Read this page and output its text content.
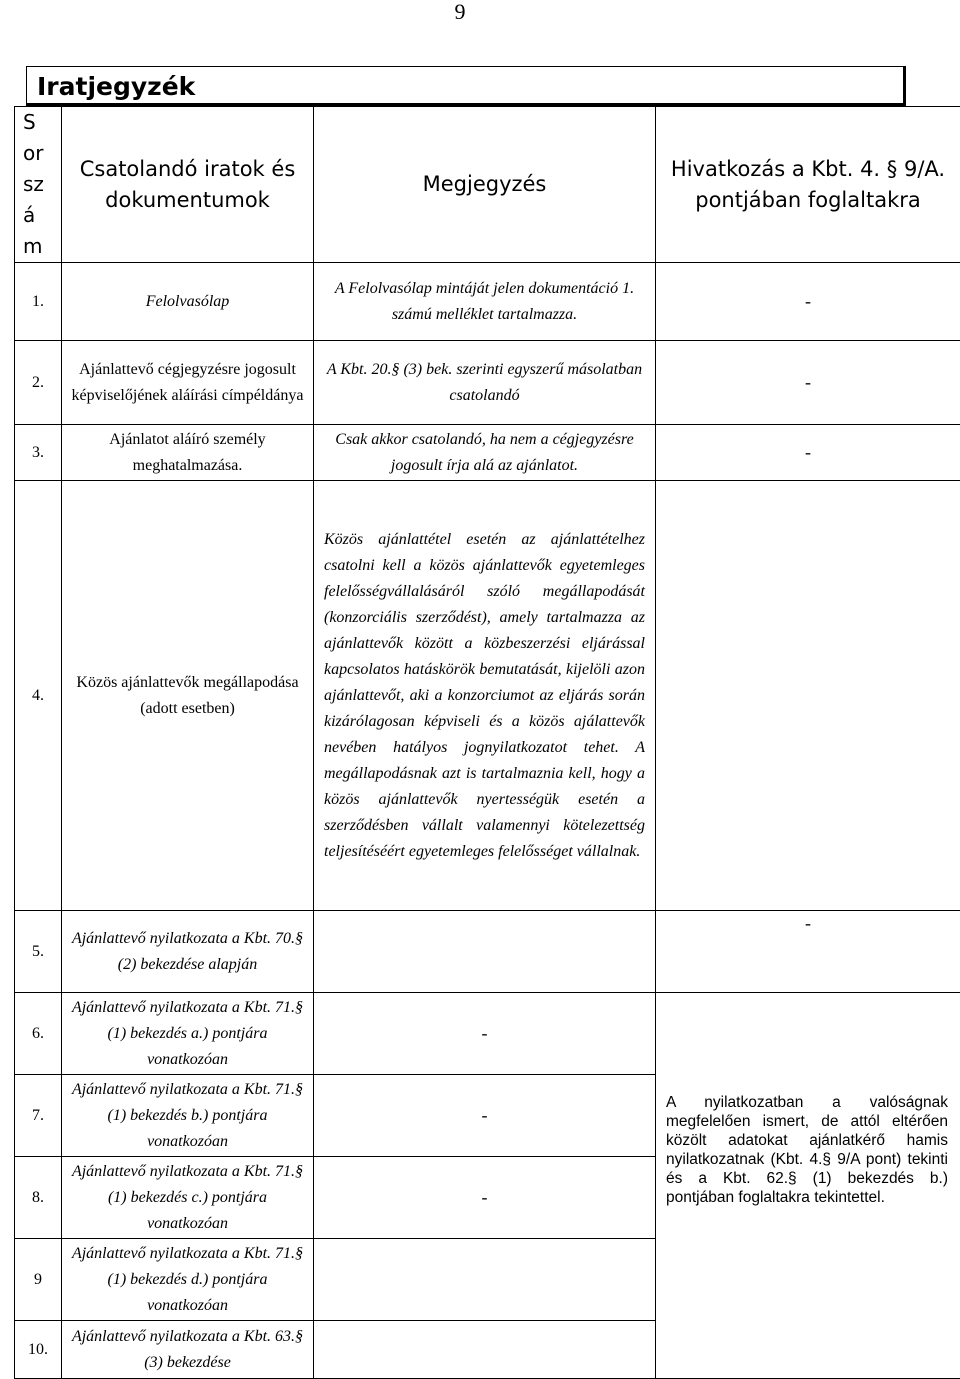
9
Iratjegyzék
S
or
sz
á
m	Csatolandó iratok és dokumentumok	Megjegyzés	Hivatkozás a Kbt. 4. § 9/A. pontjában foglaltakra
1.	Felolvasólap	A Felolvasólap mintáját jelen dokumentáció 1. számú melléklet tartalmazza.	-
2.	Ajánlattevő cégjegyzésre jogosult képviselőjének aláírási címpéldánya	A Kbt. 20.§ (3) bek. szerinti egyszerű másolatban csatolandó	-
3.	Ajánlatot aláíró személy meghatalmazása.	Csak akkor csatolandó, ha nem a cégjegyzésre jogosult írja alá az ajánlatot.	-
4.	Közös ajánlattevők megállapodása (adott esetben)	Közös ajánlattétel esetén az ajánlattételhez csatolni kell a közös ajánlattevők egyetemleges felelősségvállalásáról szóló megállapodását (konzorciális szerződést), amely tartalmazza az ajánlattevők között a közbeszerzési eljárással kapcsolatos hatáskörök bemutatását, kijelöli azon ajánlattevőt, aki a konzorciumot az eljárás során kizárólagosan képviseli és a közös ajálattevők nevében hatályos jognyilatkozatot tehet. A megállapodásnak azt is tartalmaznia kell, hogy a közös ajánlattevők nyertességük esetén a szerződésben vállalt valamennyi kötelezettség teljesítéséért egyetemleges felelősséget vállalnak.	
5.	Ajánlattevő nyilatkozata a Kbt. 70.§ (2) bekezdése alapján		-
6.	Ajánlattevő nyilatkozata a Kbt. 71.§ (1) bekezdés a.) pontjára vonatkozóan	-	A nyilatkozatban a valóságnak megfelelően ismert, de attól eltérően közölt adatokat ajánlatkérő hamis nyilatkozatnak (Kbt. 4.§ 9/A pont) tekinti és a Kbt. 62.§ (1) bekezdés b.) pontjában foglaltakra tekintettel.
7.	Ajánlattevő nyilatkozata a Kbt. 71.§ (1) bekezdés b.) pontjára vonatkozóan	-	
8.	Ajánlattevő nyilatkozata a Kbt. 71.§ (1) bekezdés c.) pontjára vonatkozóan	-	
9	Ajánlattevő nyilatkozata a Kbt. 71.§ (1) bekezdés d.) pontjára vonatkozóan		
10.	Ajánlattevő nyilatkozata a Kbt. 63.§ (3) bekezdése		
